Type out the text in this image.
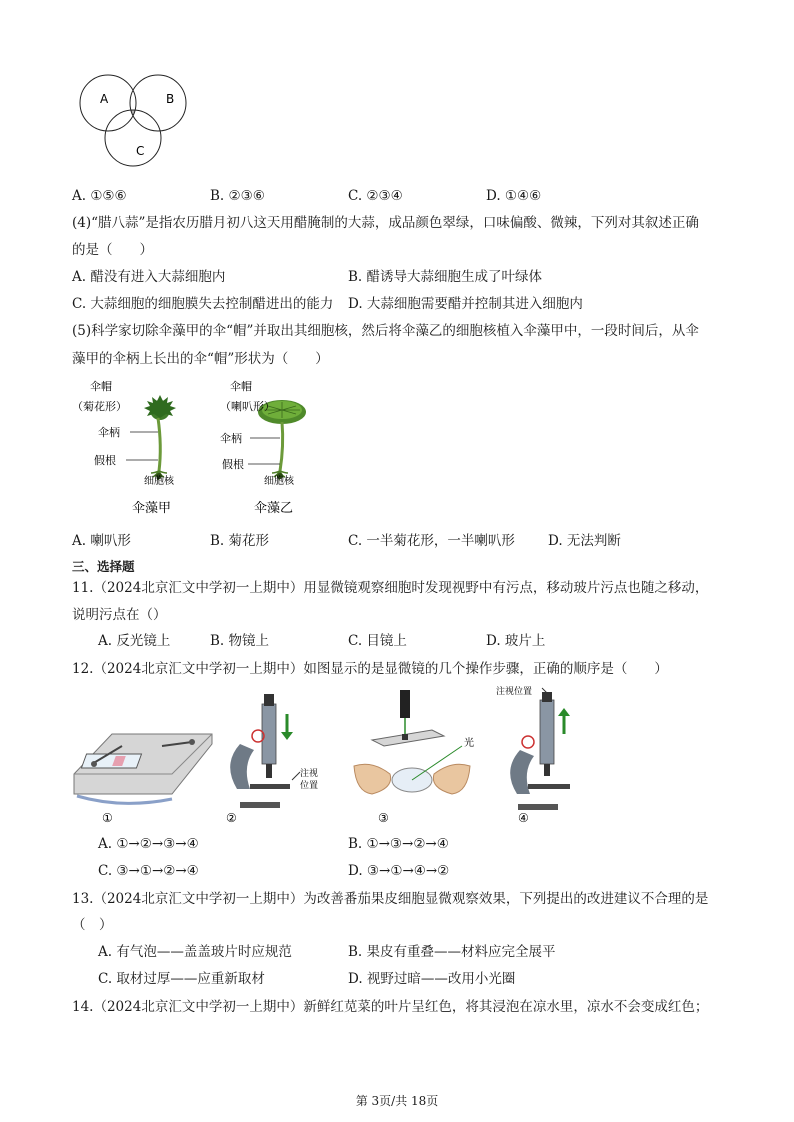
A	B
C
A. ①⑤⑥	B. ②③⑥	C. ②③④	D. ①④⑥
(4)“腊八蒜”是指农历腊月初八这天用醋腌制的大蒜，成品颜色翠绿，口味偏酸、微辣，下列对其叙述正确
的是（　　）
A. 醋没有进入大蒜细胞内	B. 醋诱导大蒜细胞生成了叶绿体
C. 大蒜细胞的细胞膜失去控制醋进出的能力 D. 大蒜细胞需要醋并控制其进入细胞内
(5)科学家切除伞藻甲的伞“帽”并取出其细胞核，然后将伞藻乙的细胞核植入伞藻甲中，一段时间后，从伞
藻甲的伞柄上长出的伞“帽”形状为（　　）
伞帽
（菊花形）
伞柄
假根
细胞核
伞藻甲
伞帽
（喇叭形）
伞柄
假根
细胞核
伞藻乙
A. 喇叭形	B. 菊花形	C. 一半菊花形，一半喇叭形 D. 无法判断
三、选择题
11.（2024北京汇文中学初一上期中）用显微镜观察细胞时发现视野中有污点，移动玻片污点也随之移动，
说明污点在（）
A. 反光镜上	B. 物镜上	C. 目镜上	D. 玻片上
12.（2024北京汇文中学初一上期中）如图显示的是显微镜的几个操作步骤，正确的顺序是（　　）
①
注视
位置
②
光
③
注视位置
④
A. ①→②→③→④	B. ①→③→②→④
C. ③→①→②→④	D. ③→①→④→②
13.（2024北京汇文中学初一上期中）为改善番茄果皮细胞显微观察效果，下列提出的改进建议不合理的是
（　）
A. 有气泡——盖盖玻片时应规范	B. 果皮有重叠——材料应完全展平
C. 取材过厚——应重新取材	D. 视野过暗——改用小光圈
14.（2024北京汇文中学初一上期中）新鲜红苋菜的叶片呈红色，将其浸泡在凉水里，凉水不会变成红色；
第 3页/共 18页
